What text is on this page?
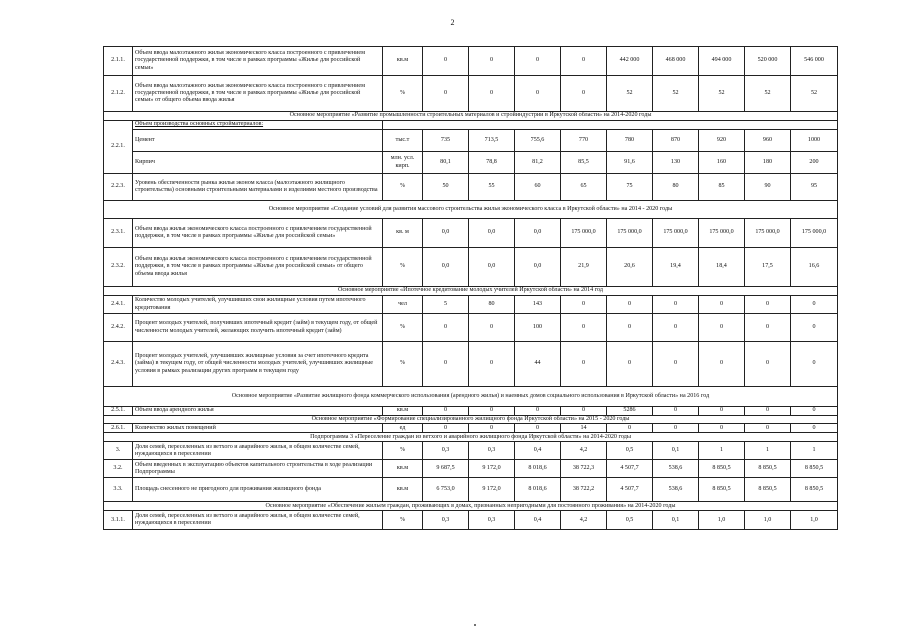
2
2.1.1.	Объем ввода малоэтажного жилья экономического класса построенного с привлечением государственной поддержки, в том числе в рамках программы «Жилье для российской семьи»	кв.м	0	0	0	0	442 000	468 000	494 000	520 000	546 000
2.1.2.	Объем ввода малоэтажного жилья экономического класса построенного с привлечением государственной поддержки, в том числе в рамках программы «Жилье для российской семьи» от общего объема ввода жилья	%	0	0	0	0	52	52	52	52	52
Основное мероприятие «Развитие промышленности строительных материалов и стройиндустрии в Иркутской области» на 2014-2020 годы											
2.2.1.	Объем производства основных стройматериалов:										
	Цемент	тыс.т	735	713,5	755,6	770	780	870	920	960	1000
	Кирпич	млн. усл. кирп.	80,1	78,8	81,2	85,5	91,6	130	160	180	200
2.2.3.	Уровень обеспеченности рынка жилья эконом класса (малоэтажного жилищного строительства) основными строительными материалами и изделиями местного производства	%	50	55	60	65	75	80	85	90	95
Основное мероприятие «Создание условий для развития массового строительства жилья экономического класса в Иркутской области» на 2014 - 2020 годы											
2.3.1.	Объем ввода жилья экономического класса построенного с привлечением государственной поддержки, в том числе в рамках программы «Жилье для российской семьи»	кв. м	0,0	0,0	0,0	175 000,0	175 000,0	175 000,0	175 000,0	175 000,0	175 000,0
2.3.2.	Объем ввода жилья экономического класса построенного с привлечением государственной поддержки, в том числе в рамках программы «Жилье для российской семьи» от общего объема ввода жилья	%	0,0	0,0	0,0	21,9	20,6	19,4	18,4	17,5	16,6
Основное мероприятие «Ипотечное кредитование молодых учителей Иркутской области» на 2014 год											
2.4.1.	Количество молодых учителей, улучшивших свои жилищные условия путем ипотечного кредитования	чел	5	80	143	0	0	0	0	0	0
2.4.2.	Процент молодых учителей, получивших ипотечный кредит (займ) в текущем году, от общей численности молодых учителей, желающих получить ипотечный кредит (займ)	%	0	0	100	0	0	0	0	0	0
2.4.3.	Процент молодых учителей, улучшивших жилищные условия за счет ипотечного кредита (займа) в текущем году, от общей численности молодых учителей, улучшивших жилищные условия в рамках реализации других программ в текущем году	%	0	0	44	0	0	0	0	0	0
Основное мероприятие «Развитие жилищного фонда коммерческого использования (арендного жилья) и наемных домов социального использования в Иркутской области» на 2016 год											
2.5.1.	Объем ввода арендного жилья	кв.м	0	0	0	0	5286	0	0	0	0
Основное мероприятие «Формирование специализированного жилищного фонда Иркутской области» на 2015 - 2020 годы											
2.6.1.	Количество жилых помещений	ед	0	0	0	14	0	0	0	0	0
Подпрограмма 3 «Переселение граждан из ветхого и аварийного жилищного фонда Иркутской области» на 2014-2020 годы											
3.	Доля семей, переселенных из ветхого и аварийного жилья, в общем количестве семей, нуждающихся в переселении	%	0,3	0,3	0,4	4,2	0,5	0,1	1	1	1
3.2.	Объем введенных в эксплуатацию объектов капитального строительства в ходе реализации Подпрограммы	кв.м	9 687,5	9 172,0	8 018,6	38 722,3	4 507,7	538,6	8 850,5	8 850,5	8 850,5
3.3.	Площадь снесенного не пригодного для проживания жилищного фонда	кв.м	6 753,0	9 172,0	8 018,6	38 722,2	4 507,7	538,6	8 850,5	8 850,5	8 850,5
Основное мероприятие «Обеспечение жильем граждан, проживающих в домах, признанных непригодными для постоянного проживания» на 2014-2020 годы											
3.1.1.	Доля семей, переселенных из ветхого и аварийного жилья, в общем количестве семей, нуждающихся в переселении	%	0,3	0,3	0,4	4,2	0,5	0,1	1,0	1,0	1,0
